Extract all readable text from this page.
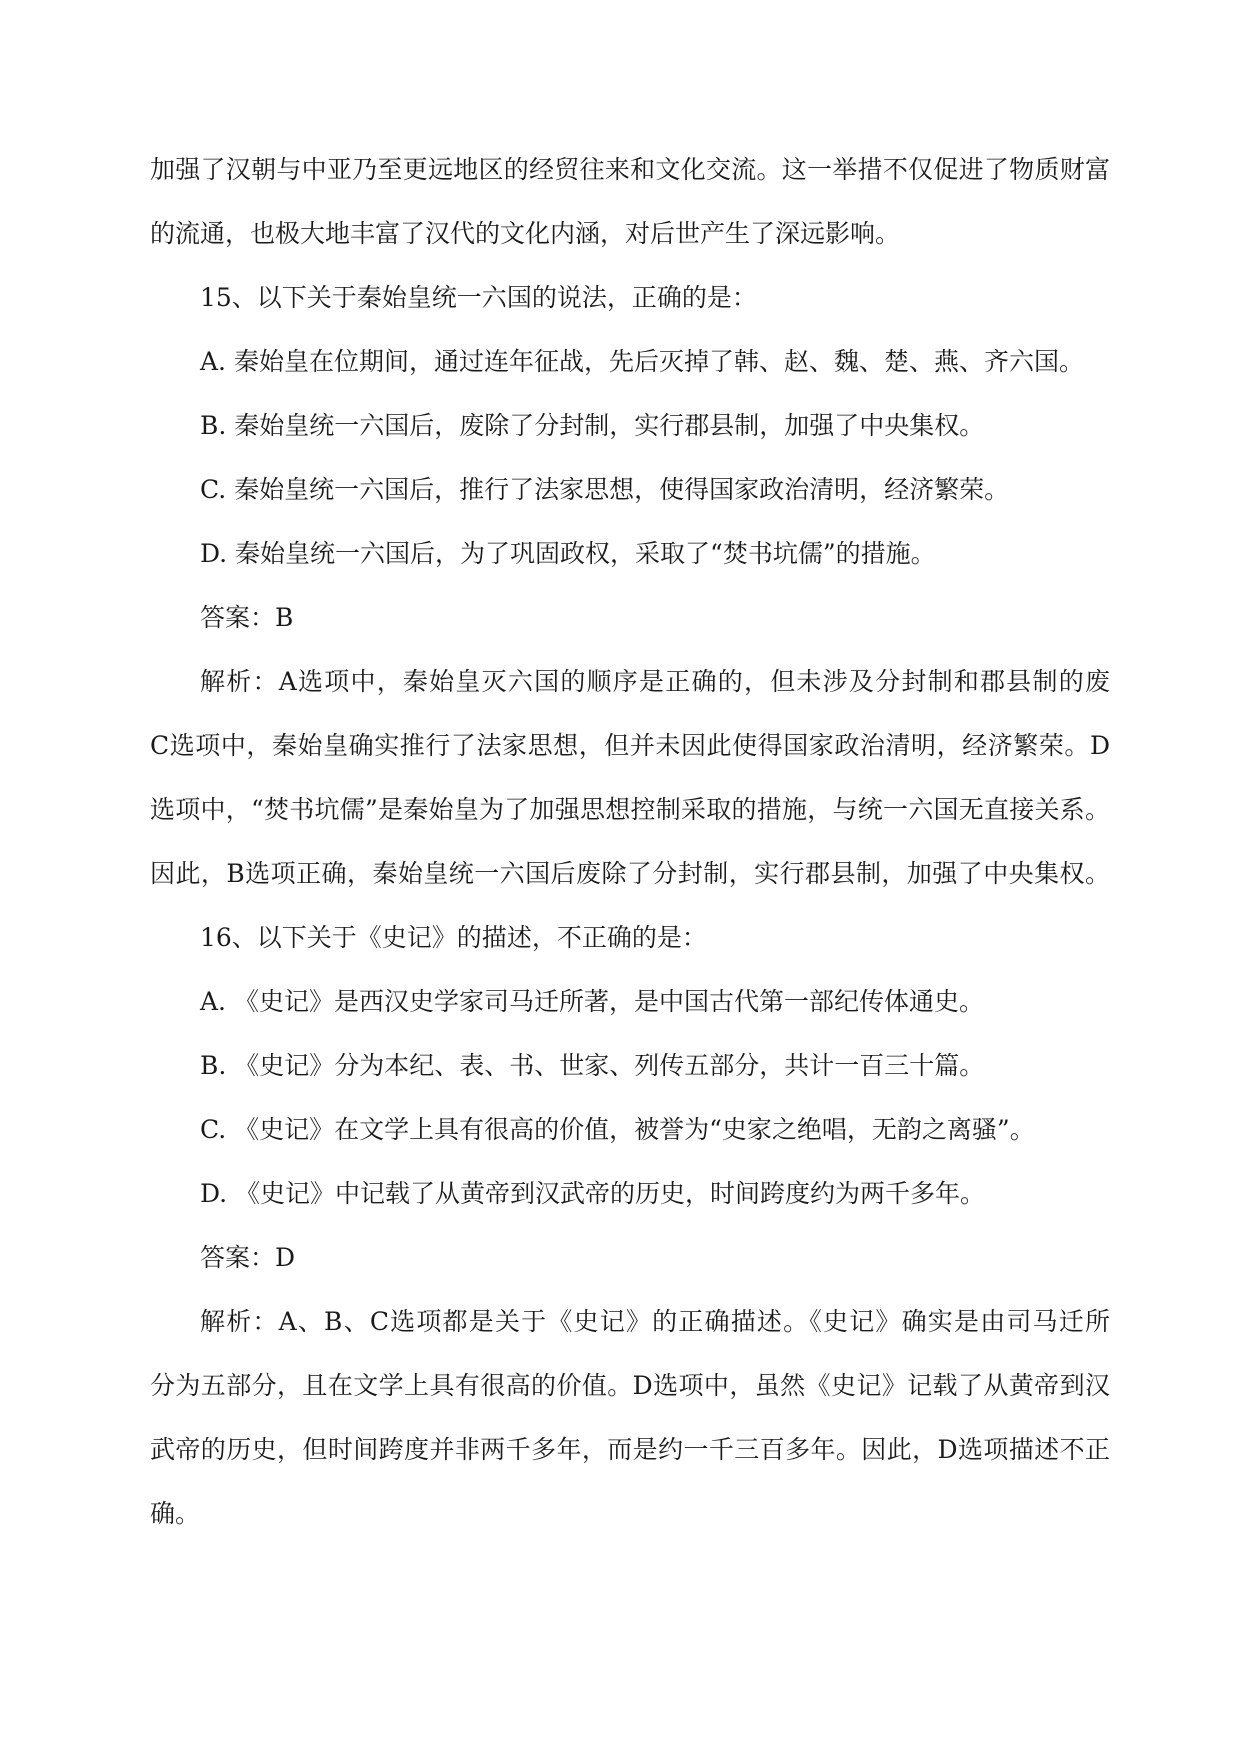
加强了汉朝与中亚乃至更远地区的经贸往来和文化交流。这一举措不仅促进了物质财富
的流通，也极大地丰富了汉代的文化内涵，对后世产生了深远影响。
15、以下关于秦始皇统一六国的说法，正确的是：
A. 秦始皇在位期间，通过连年征战，先后灭掉了韩、赵、魏、楚、燕、齐六国。
B. 秦始皇统一六国后，废除了分封制，实行郡县制，加强了中央集权。
C. 秦始皇统一六国后，推行了法家思想，使得国家政治清明，经济繁荣。
D. 秦始皇统一六国后，为了巩固政权，采取了“焚书坑儒”的措施。
答案：B
解析：A选项中，秦始皇灭六国的顺序是正确的，但未涉及分封制和郡县制的废
C选项中，秦始皇确实推行了法家思想，但并未因此使得国家政治清明，经济繁荣。D
选项中，“焚书坑儒”是秦始皇为了加强思想控制采取的措施，与统一六国无直接关系。
因此，B选项正确，秦始皇统一六国后废除了分封制，实行郡县制，加强了中央集权。
16、以下关于《史记》的描述，不正确的是：
A. 《史记》是西汉史学家司马迁所著，是中国古代第一部纪传体通史。
B. 《史记》分为本纪、表、书、世家、列传五部分，共计一百三十篇。
C. 《史记》在文学上具有很高的价值，被誉为“史家之绝唱，无韵之离骚”。
D. 《史记》中记载了从黄帝到汉武帝的历史，时间跨度约为两千多年。
答案：D
解析：A、B、C选项都是关于《史记》的正确描述。《史记》确实是由司马迁所
分为五部分，且在文学上具有很高的价值。D选项中，虽然《史记》记载了从黄帝到汉
武帝的历史，但时间跨度并非两千多年，而是约一千三百多年。因此，D选项描述不正
确。
